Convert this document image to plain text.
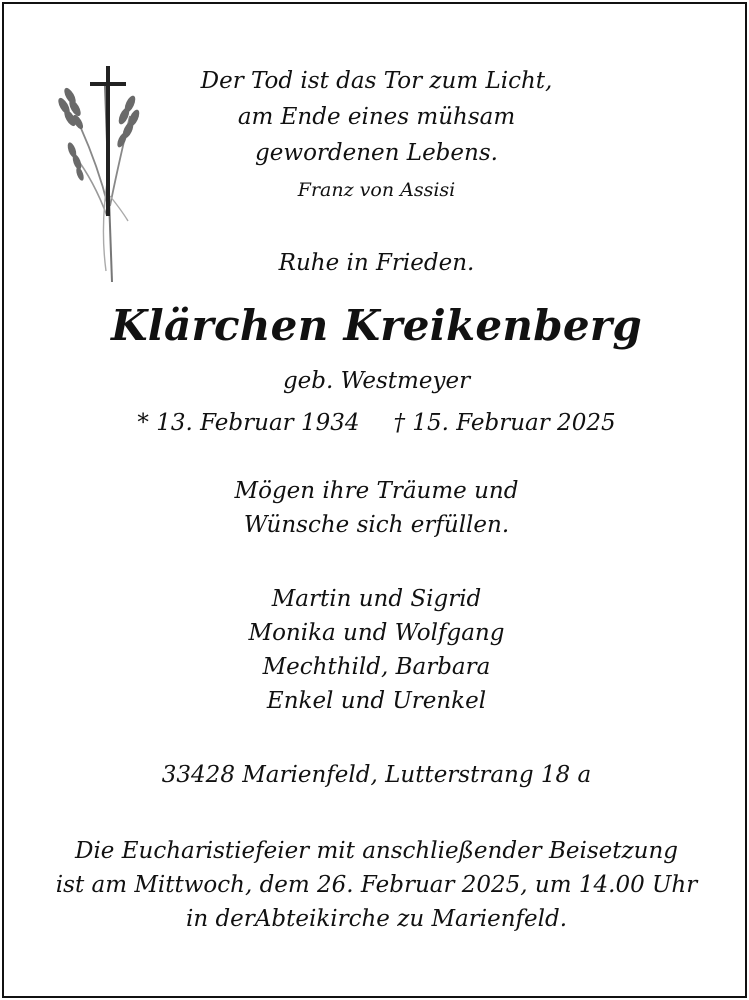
Der Tod ist das Tor zum Licht,
am Ende eines mühsam
gewordenen Lebens.
Franz von Assisi
Ruhe in Frieden.
Klärchen Kreikenberg
geb. Westmeyer
* 13. Februar 1934 † 15. Februar 2025
Mögen ihre Träume und
Wünsche sich erfüllen.
Martin und Sigrid
Monika und Wolfgang
Mechthild, Barbara
Enkel und Urenkel
33428 Marienfeld, Lutterstrang 18 a
Die Eucharistiefeier mit anschließender Beisetzung
ist am Mittwoch, dem 26. Februar 2025, um 14.00 Uhr
in derAbteikirche zu Marienfeld.
